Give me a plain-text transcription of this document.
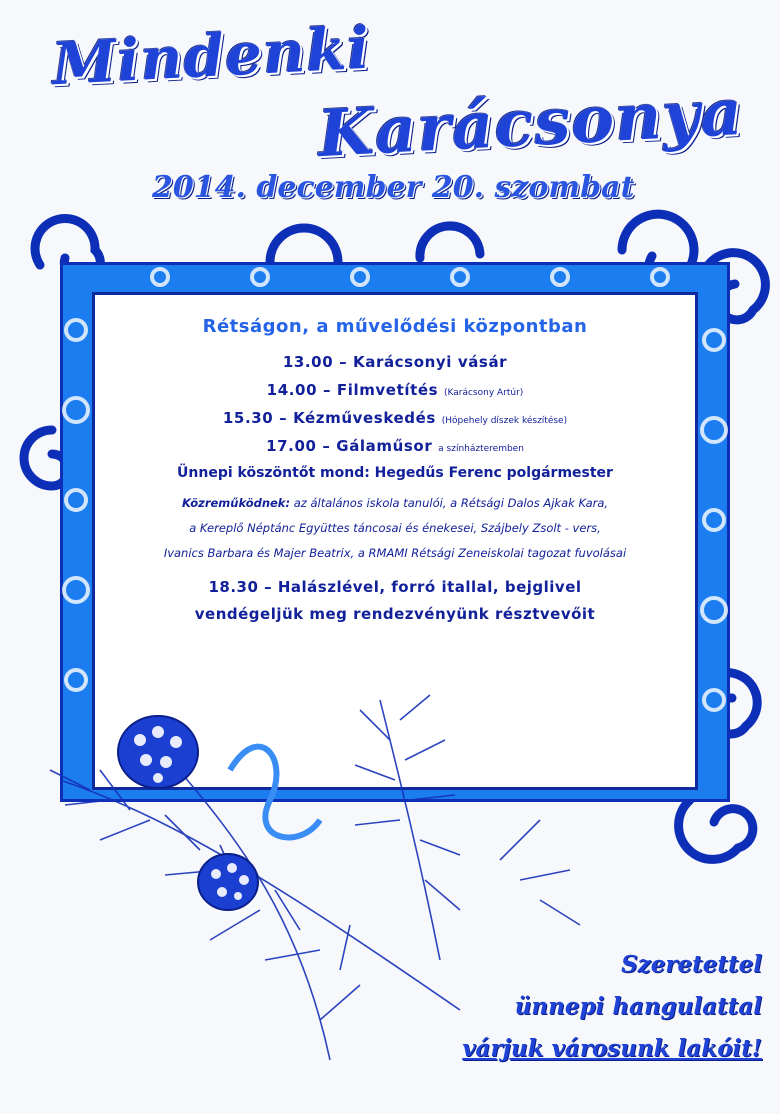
Mindenki
Karácsonya

2014. december 20. szombat

Rétságon, a művelődési központban
13.00 – Karácsonyi vásár
14.00 – Filmvetítés (Karácsony Artúr)
15.30 – Kézműveskedés (Hópehely díszek készítése)
17.00 – Gálaműsor a színházteremben
Ünnepi köszöntőt mond: Hegedűs Ferenc polgármester
Közreműködnek: az általános iskola tanulói, a Rétsági Dalos Ajkak Kara,
a Kereplő Néptánc Együttes táncosai és énekesei, Szájbely Zsolt - vers,
Ivanics Barbara és Majer Beatrix, a RMAMI Rétsági Zeneiskolai tagozat fuvolásai
18.30 – Halászlével, forró itallal, bejglivel
vendégeljük meg rendezvényünk résztvevőit
Szeretettel
ünnepi hangulattal
várjuk városunk lakóit!
